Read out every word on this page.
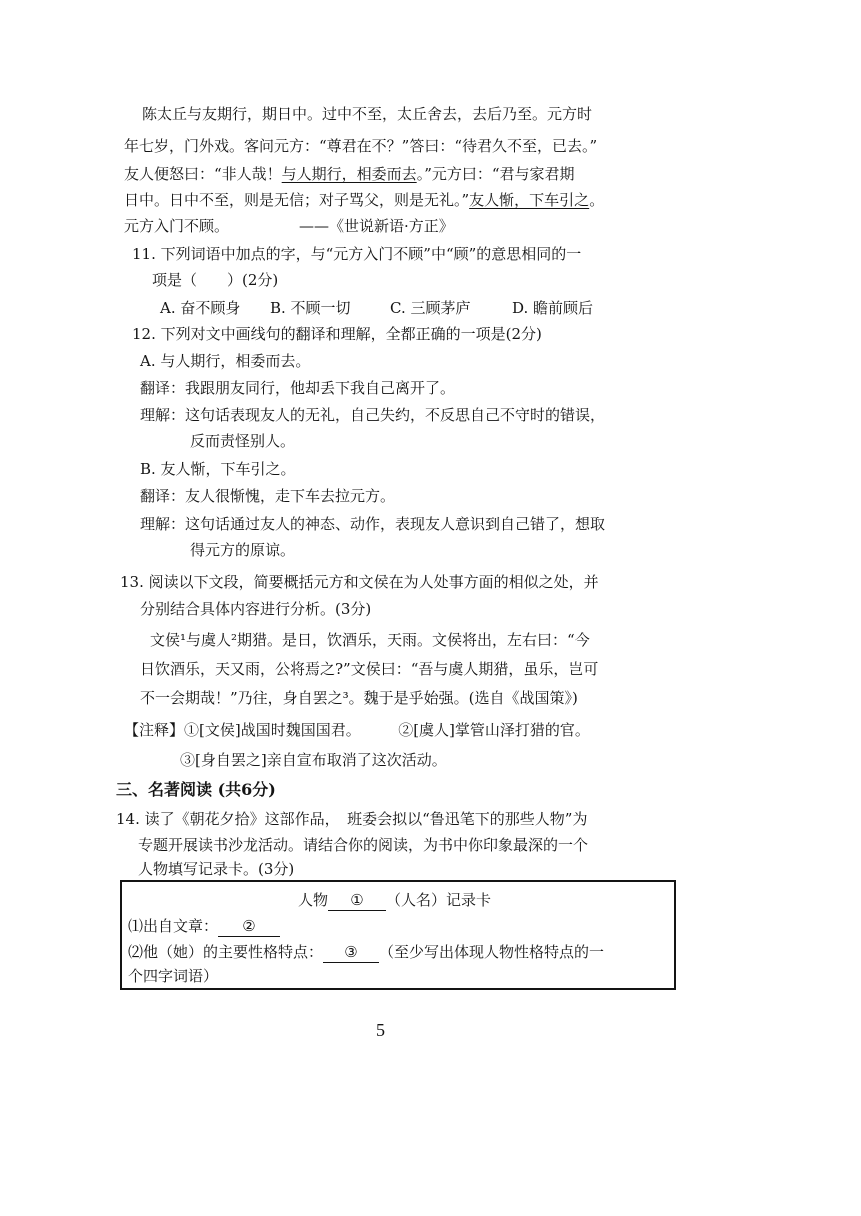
陈太丘与友期行，期日中。过中不至，太丘舍去，去后乃至。元方时
年七岁，门外戏。客问元方：“尊君在不？”答曰：“待君久不至，已去。”
友人便怒曰：“非人哉！与人期行，相委而去。”元方曰：“君与家君期
日中。日中不至，则是无信；对子骂父，则是无礼。”友人惭，下车引之。
元方入门不顾。	——《世说新语·方正》
11. 下列词语中加点的字，与“元方入门不顾”中“顾”的意思相同的一
项是（　　）(2分)
A. 奋不顾身 B. 不顾一切	C. 三顾茅庐	D. 瞻前顾后
12. 下列对文中画线句的翻译和理解，全都正确的一项是(2分)
A. 与人期行，相委而去。
翻译：我跟朋友同行，他却丢下我自己离开了。
理解：这句话表现友人的无礼，自己失约，不反思自己不守时的错误，
反而责怪别人。
B. 友人惭，下车引之。
翻译：友人很惭愧，走下车去拉元方。
理解：这句话通过友人的神态、动作，表现友人意识到自己错了，想取
得元方的原谅。
13. 阅读以下文段，简要概括元方和文侯在为人处事方面的相似之处，并
分别结合具体内容进行分析。(3分)
文侯¹与虞人²期猎。是日，饮酒乐，天雨。文侯将出，左右曰：“今
日饮酒乐，天又雨，公将焉之?”文侯曰：“吾与虞人期猎，虽乐，岂可
不一会期哉！”乃往，身自罢之³。魏于是乎始强。(选自《战国策》)
【注释】①[文侯]战国时魏国国君。　　　②[虞人]掌管山泽打猎的官。
③[身自罢之]亲自宣布取消了这次活动。
三、名著阅读 (共6分)
14. 读了《朝花夕拾》这部作品，　班委会拟以“鲁迅笔下的那些人物”为
专题开展读书沙龙活动。请结合你的阅读，为书中你印象最深的一个
人物填写记录卡。(3分)
人物 ① （人名）记录卡
⑴出自文章： ②
⑵他（她）的主要性格特点： ③ （至少写出体现人物性格特点的一
个四字词语）
5
